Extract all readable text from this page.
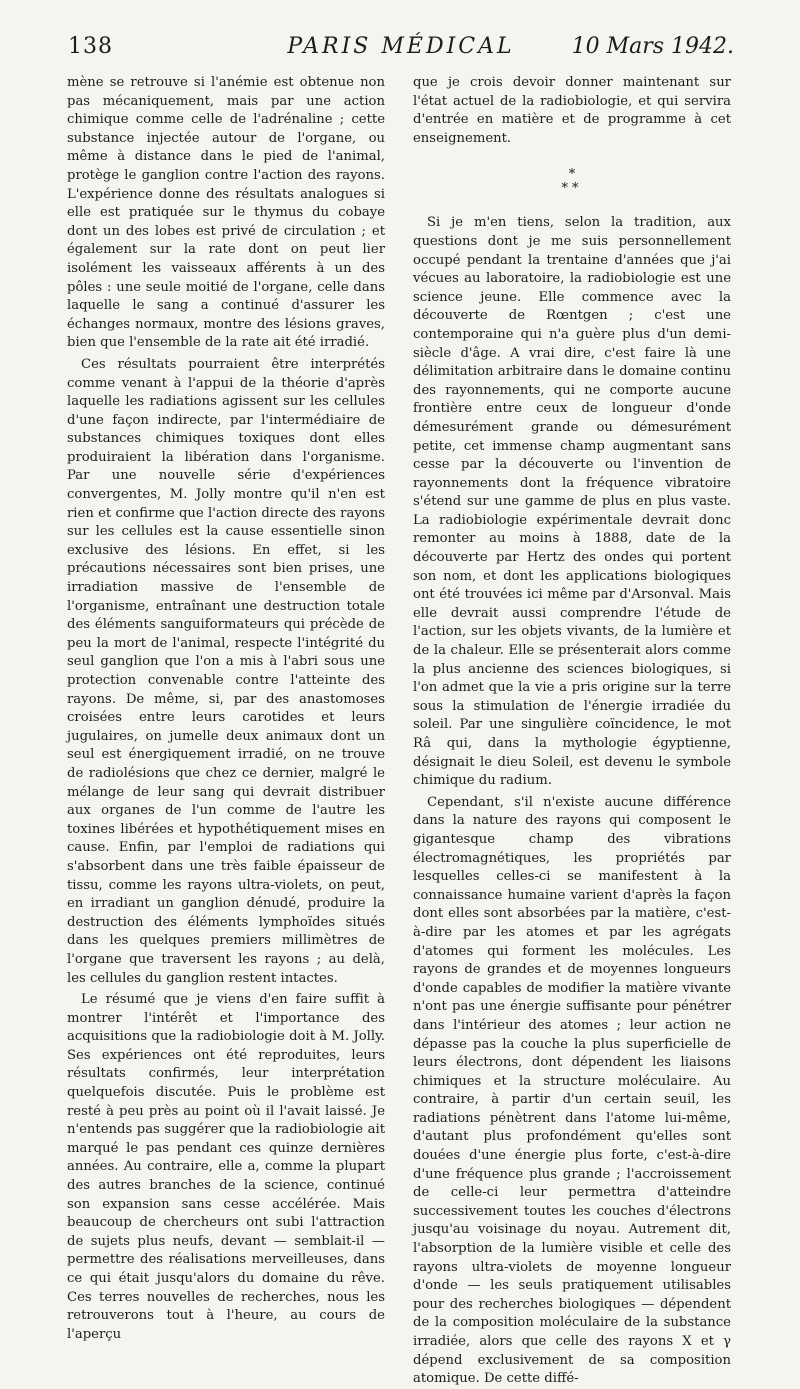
138	PARIS MÉDICAL	10 Mars 1942.

mène se retrouve si l'anémie est obtenue non pas mécaniquement, mais par une action chimique comme celle de l'adrénaline ; cette substance injectée autour de l'organe, ou même à distance dans le pied de l'animal, protège le ganglion contre l'action des rayons. L'expérience donne des résultats analogues si elle est pratiquée sur le thymus du cobaye dont un des lobes est privé de circulation ; et également sur la rate dont on peut lier isolément les vaisseaux afférents à un des pôles : une seule moitié de l'organe, celle dans laquelle le sang a continué d'assurer les échanges normaux, montre des lésions graves, bien que l'ensemble de la rate ait été irradié.

Ces résultats pourraient être interprétés comme venant à l'appui de la théorie d'après laquelle les radiations agissent sur les cellules d'une façon indirecte, par l'intermédiaire de substances chimiques toxiques dont elles produiraient la libération dans l'organisme. Par une nouvelle série d'expériences convergentes, M. Jolly montre qu'il n'en est rien et confirme que l'action directe des rayons sur les cellules est la cause essentielle sinon exclusive des lésions. En effet, si les précautions nécessaires sont bien prises, une irradiation massive de l'ensemble de l'organisme, entraînant une destruction totale des éléments sanguiformateurs qui précède de peu la mort de l'animal, respecte l'intégrité du seul ganglion que l'on a mis à l'abri sous une protection convenable contre l'atteinte des rayons. De même, si, par des anastomoses croisées entre leurs carotides et leurs jugulaires, on jumelle deux animaux dont un seul est énergiquement irradié, on ne trouve de radiolésions que chez ce dernier, malgré le mélange de leur sang qui devrait distribuer aux organes de l'un comme de l'autre les toxines libérées et hypothétiquement mises en cause. Enfin, par l'emploi de radiations qui s'absorbent dans une très faible épaisseur de tissu, comme les rayons ultra-violets, on peut, en irradiant un ganglion dénudé, produire la destruction des éléments lymphoïdes situés dans les quelques premiers millimètres de l'organe que traversent les rayons ; au delà, les cellules du ganglion restent intactes.

Le résumé que je viens d'en faire suffit à montrer l'intérêt et l'importance des acquisitions que la radiobiologie doit à M. Jolly. Ses expériences ont été reproduites, leurs résultats confirmés, leur interprétation quelquefois discutée. Puis le problème est resté à peu près au point où il l'avait laissé. Je n'entends pas suggérer que la radiobiologie ait marqué le pas pendant ces quinze dernières années. Au contraire, elle a, comme la plupart des autres branches de la science, continué son expansion sans cesse accélérée. Mais beaucoup de chercheurs ont subi l'attraction de sujets plus neufs, devant — semblait-il — permettre des réalisations merveilleuses, dans ce qui était jusqu'alors du domaine du rêve. Ces terres nouvelles de recherches, nous les retrouverons tout à l'heure, au cours de l'aperçu

que je crois devoir donner maintenant sur l'état actuel de la radiobiologie, et qui servira d'entrée en matière et de programme à cet enseignement.

*
**

Si je m'en tiens, selon la tradition, aux questions dont je me suis personnellement occupé pendant la trentaine d'années que j'ai vécues au laboratoire, la radiobiologie est une science jeune. Elle commence avec la découverte de Rœntgen ; c'est une contemporaine qui n'a guère plus d'un demi-siècle d'âge. A vrai dire, c'est faire là une délimitation arbitraire dans le domaine continu des rayonnements, qui ne comporte aucune frontière entre ceux de longueur d'onde démesurément grande ou démesurément petite, cet immense champ augmentant sans cesse par la découverte ou l'invention de rayonnements dont la fréquence vibratoire s'étend sur une gamme de plus en plus vaste. La radiobiologie expérimentale devrait donc remonter au moins à 1888, date de la découverte par Hertz des ondes qui portent son nom, et dont les applications biologiques ont été trouvées ici même par d'Arsonval. Mais elle devrait aussi comprendre l'étude de l'action, sur les objets vivants, de la lumière et de la chaleur. Elle se présenterait alors comme la plus ancienne des sciences biologiques, si l'on admet que la vie a pris origine sur la terre sous la stimulation de l'énergie irradiée du soleil. Par une singulière coïncidence, le mot Râ qui, dans la mythologie égyptienne, désignait le dieu Soleil, est devenu le symbole chimique du radium.

Cependant, s'il n'existe aucune différence dans la nature des rayons qui composent le gigantesque champ des vibrations électromagnétiques, les propriétés par lesquelles celles-ci se manifestent à la connaissance humaine varient d'après la façon dont elles sont absorbées par la matière, c'est-à-dire par les atomes et par les agrégats d'atomes qui forment les molécules. Les rayons de grandes et de moyennes longueurs d'onde capables de modifier la matière vivante n'ont pas une énergie suffisante pour pénétrer dans l'intérieur des atomes ; leur action ne dépasse pas la couche la plus superficielle de leurs électrons, dont dépendent les liaisons chimiques et la structure moléculaire. Au contraire, à partir d'un certain seuil, les radiations pénètrent dans l'atome lui-même, d'autant plus profondément qu'elles sont douées d'une énergie plus forte, c'est-à-dire d'une fréquence plus grande ; l'accroissement de celle-ci leur permettra d'atteindre successivement toutes les couches d'électrons jusqu'au voisinage du noyau. Autrement dit, l'absorption de la lumière visible et celle des rayons ultra-violets de moyenne longueur d'onde — les seuls pratiquement utilisables pour des recherches biologiques — dépendent de la composition moléculaire de la substance irradiée, alors que celle des rayons X et γ dépend exclusivement de sa composition atomique. De cette diffé-
